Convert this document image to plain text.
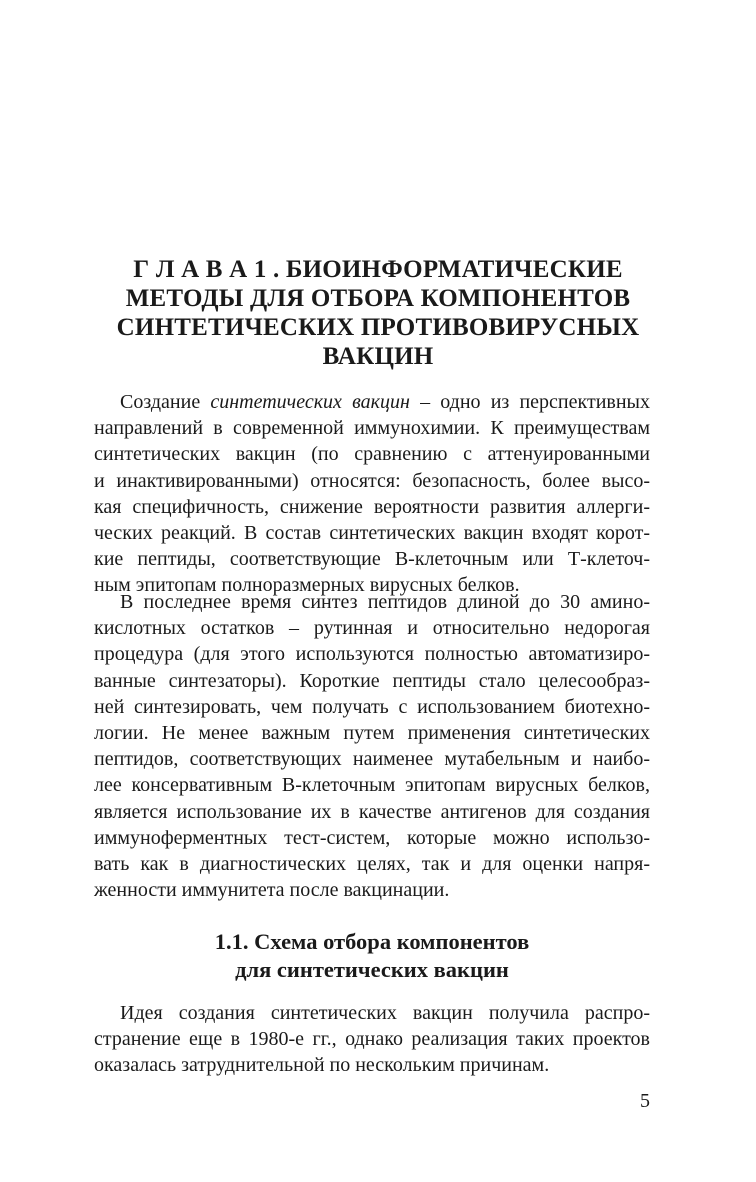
Г Л А В А 1 . БИОИНФОРМАТИЧЕСКИЕ
МЕТОДЫ ДЛЯ ОТБОРА КОМПОНЕНТОВ
СИНТЕТИЧЕСКИХ ПРОТИВОВИРУСНЫХ
ВАКЦИН
Создание синтетических вакцин – одно из перспективных
направлений в современной иммунохимии. К преимуществам
синтетических вакцин (по сравнению с аттенуированными
и инактивированными) относятся: безопасность, более высо-
кая специфичность, снижение вероятности развития аллерги-
ческих реакций. В состав синтетических вакцин входят корот-
кие пептиды, соответствующие В-клеточным или Т-клеточ-
ным эпитопам полноразмерных вирусных белков.
В последнее время синтез пептидов длиной до 30 амино-
кислотных остатков – рутинная и относительно недорогая
процедура (для этого используются полностью автоматизиро-
ванные синтезаторы). Короткие пептиды стало целесообраз-
ней синтезировать, чем получать с использованием биотехно-
логии. Не менее важным путем применения синтетических
пептидов, соответствующих наименее мутабельным и наибо-
лее консервативным В-клеточным эпитопам вирусных белков,
является использование их в качестве антигенов для создания
иммуноферментных тест-систем, которые можно использо-
вать как в диагностических целях, так и для оценки напря-
женности иммунитета после вакцинации.
1.1. Схема отбора компонентов
для синтетических вакцин
Идея создания синтетических вакцин получила распро-
странение еще в 1980-е гг., однако реализация таких проектов
оказалась затруднительной по нескольким причинам.
5
